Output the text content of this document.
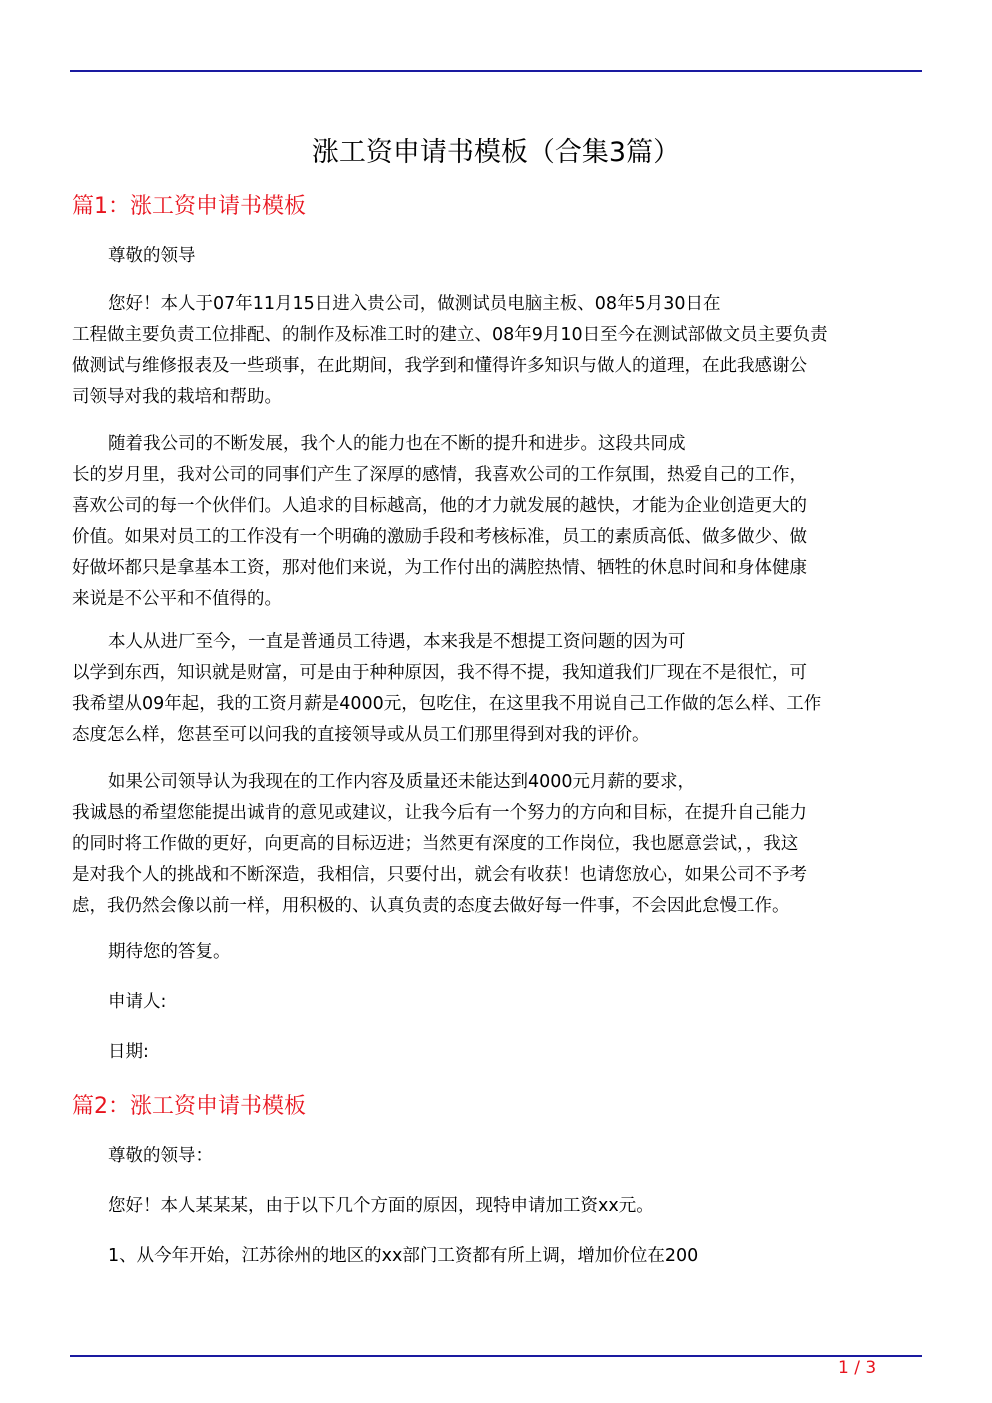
涨工资申请书模板（合集3篇）
篇1：涨工资申请书模板
尊敬的领导
您好！本人于07年11月15日进入贵公司，做测试员电脑主板、08年5月30日在
工程做主要负责工位排配、的制作及标准工时的建立、08年9月10日至今在测试部做文员主要负责
做测试与维修报表及一些琐事，在此期间，我学到和懂得许多知识与做人的道理，在此我感谢公
司领导对我的栽培和帮助。
随着我公司的不断发展，我个人的能力也在不断的提升和进步。这段共同成
长的岁月里，我对公司的同事们产生了深厚的感情，我喜欢公司的工作氛围，热爱自己的工作，
喜欢公司的每一个伙伴们。人追求的目标越高，他的才力就发展的越快，才能为企业创造更大的
价值。如果对员工的工作没有一个明确的激励手段和考核标准，员工的素质高低、做多做少、做
好做坏都只是拿基本工资，那对他们来说，为工作付出的满腔热情、牺牲的休息时间和身体健康
来说是不公平和不值得的。
本人从进厂至今，一直是普通员工待遇，本来我是不想提工资问题的因为可
以学到东西，知识就是财富，可是由于种种原因，我不得不提，我知道我们厂现在不是很忙，可
我希望从09年起，我的工资月薪是4000元，包吃住，在这里我不用说自己工作做的怎么样、工作
态度怎么样，您甚至可以问我的直接领导或从员工们那里得到对我的评价。
如果公司领导认为我现在的工作内容及质量还未能达到4000元月薪的要求，
我诚恳的希望您能提出诚肯的意见或建议，让我今后有一个努力的方向和目标，在提升自己能力
的同时将工作做的更好，向更高的目标迈进；当然更有深度的工作岗位，我也愿意尝试，，我这
是对我个人的挑战和不断深造，我相信，只要付出，就会有收获！也请您放心，如果公司不予考
虑，我仍然会像以前一样，用积极的、认真负责的态度去做好每一件事，不会因此怠慢工作。
期待您的答复。
申请人:
日期:
篇2：涨工资申请书模板
尊敬的领导：
您好！本人某某某，由于以下几个方面的原因，现特申请加工资xx元。
1、从今年开始，江苏徐州的地区的xx部门工资都有所上调，增加价位在200
1 / 3
